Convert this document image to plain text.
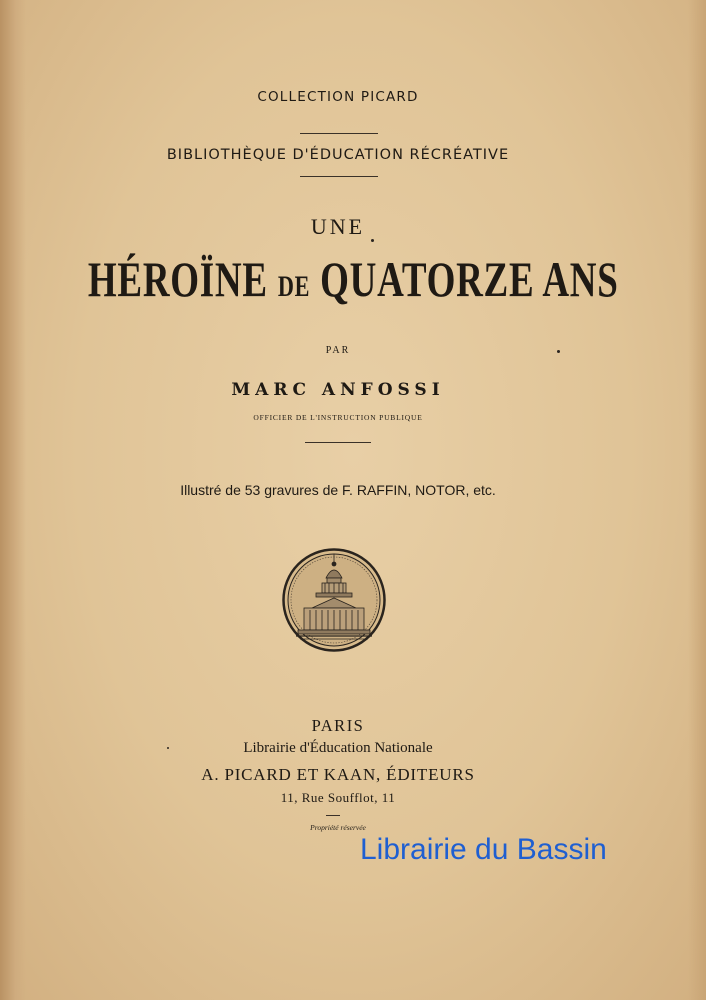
COLLECTION PICARD
BIBLIOTHÈQUE D'ÉDUCATION RÉCRÉATIVE
UNE
HÉROÏNE DE QUATORZE ANS
PAR
MARC ANFOSSI
OFFICIER DE L'INSTRUCTION PUBLIQUE
Illustré de 53 gravures de F. RAFFIN, NOTOR, etc.
PARIS
Librairie d'Éducation Nationale
A. PICARD ET KAAN, ÉDITEURS
11, Rue Soufflot, 11
Propriété réservée
Librairie du Bassin
